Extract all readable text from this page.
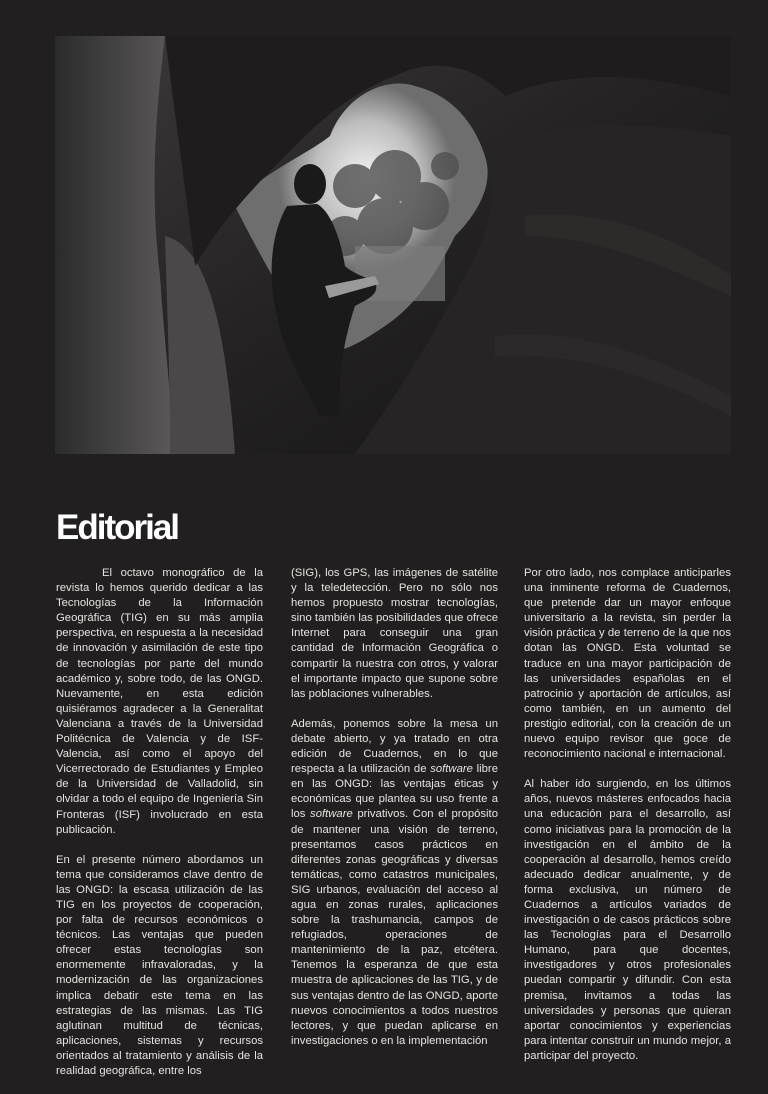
Editorial

El octavo monográfico de la revista lo hemos querido dedicar a las Tecnologías de la Información Geográfica (TIG) en su más amplia perspectiva, en respuesta a la necesidad de innovación y asimilación de este tipo de tecnologías por parte del mundo académico y, sobre todo, de las ONGD. Nuevamente, en esta edición quisiéramos agradecer a la Generalitat Valenciana a través de la Universidad Politécnica de Valencia y de ISF-Valencia, así como el apoyo del Vicerrectorado de Estudiantes y Empleo de la Universidad de Valladolid, sin olvidar a todo el equipo de Ingeniería Sin Fronteras (ISF) involucrado en esta publicación.

En el presente número abordamos un tema que consideramos clave dentro de las ONGD: la escasa utilización de las TIG en los proyectos de cooperación, por falta de recursos económicos o técnicos. Las ventajas que pueden ofrecer estas tecnologías son enormemente infravaloradas, y la modernización de las organizaciones implica debatir este tema en las estrategias de las mismas. Las TIG aglutinan multitud de técnicas, aplicaciones, sistemas y recursos orientados al tratamiento y análisis de la realidad geográfica, entre los

(SIG), los GPS, las imágenes de satélite y la teledetección. Pero no sólo nos hemos propuesto mostrar tecnologías, sino también las posibilidades que ofrece Internet para conseguir una gran cantidad de Información Geográfica o compartir la nuestra con otros, y valorar el importante impacto que supone sobre las poblaciones vulnerables.

Además, ponemos sobre la mesa un debate abierto, y ya tratado en otra edición de Cuadernos, en lo que respecta a la utilización de software libre en las ONGD: las ventajas éticas y económicas que plantea su uso frente a los software privativos. Con el propósito de mantener una visión de terreno, presentamos casos prácticos en diferentes zonas geográficas y diversas temáticas, como catastros municipales, SIG urbanos, evaluación del acceso al agua en zonas rurales, aplicaciones sobre la trashumancia, campos de refugiados, operaciones de mantenimiento de la paz, etcétera. Tenemos la esperanza de que esta muestra de aplicaciones de las TIG, y de sus ventajas dentro de las ONGD, aporte nuevos conocimientos a todos nuestros lectores, y que puedan aplicarse en investigaciones o en la implementación

Por otro lado, nos complace anticiparles una inminente reforma de Cuadernos, que pretende dar un mayor enfoque universitario a la revista, sin perder la visión práctica y de terreno de la que nos dotan las ONGD. Esta voluntad se traduce en una mayor participación de las universidades españolas en el patrocinio y aportación de artículos, así como también, en un aumento del prestigio editorial, con la creación de un nuevo equipo revisor que goce de reconocimiento nacional e internacional.

Al haber ido surgiendo, en los últimos años, nuevos másteres enfocados hacia una educación para el desarrollo, así como iniciativas para la promoción de la investigación en el ámbito de la cooperación al desarrollo, hemos creído adecuado dedicar anualmente, y de forma exclusiva, un número de Cuadernos a artículos variados de investigación o de casos prácticos sobre las Tecnologías para el Desarrollo Humano, para que docentes, investigadores y otros profesionales puedan compartir y difundir. Con esta premisa, invitamos a todas las universidades y personas que quieran aportar conocimientos y experiencias para intentar construir un mundo mejor, a participar del proyecto.
